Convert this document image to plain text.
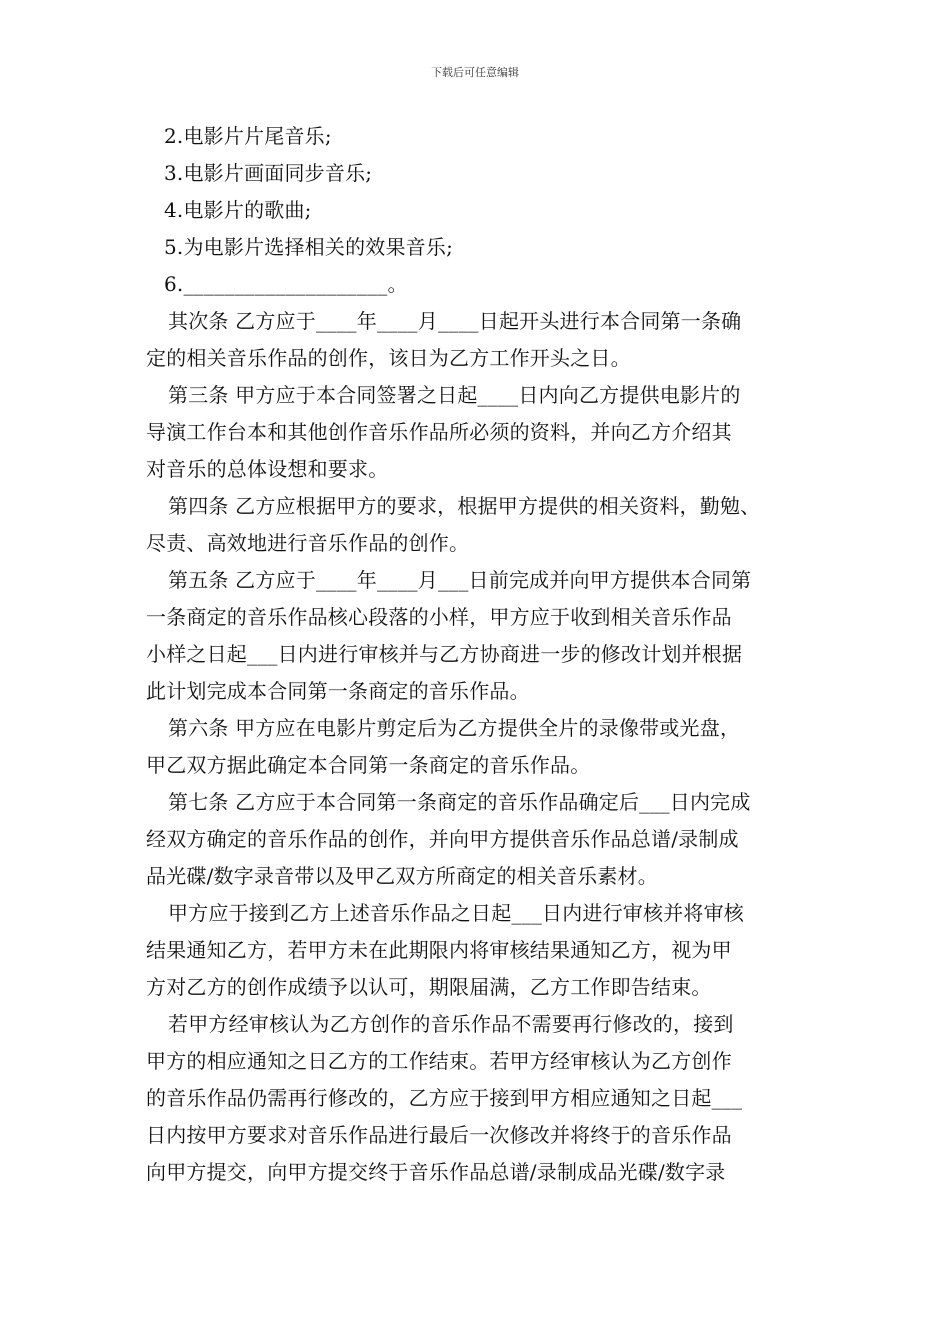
下载后可任意编辑
2.电影片片尾音乐;
3.电影片画面同步音乐;
4.电影片的歌曲;
5.为电影片选择相关的效果音乐;
6.____________________。
其次条 乙方应于____年____月____日起开头进行本合同第一条确
定的相关音乐作品的创作，该日为乙方工作开头之日。
第三条 甲方应于本合同签署之日起____日内向乙方提供电影片的
导演工作台本和其他创作音乐作品所必须的资料，并向乙方介绍其
对音乐的总体设想和要求。
第四条 乙方应根据甲方的要求，根据甲方提供的相关资料，勤勉、
尽责、高效地进行音乐作品的创作。
第五条 乙方应于____年____月___日前完成并向甲方提供本合同第
一条商定的音乐作品核心段落的小样，甲方应于收到相关音乐作品
小样之日起___日内进行审核并与乙方协商进一步的修改计划并根据
此计划完成本合同第一条商定的音乐作品。
第六条 甲方应在电影片剪定后为乙方提供全片的录像带或光盘，
甲乙双方据此确定本合同第一条商定的音乐作品。
第七条 乙方应于本合同第一条商定的音乐作品确定后___日内完成
经双方确定的音乐作品的创作，并向甲方提供音乐作品总谱/录制成
品光碟/数字录音带以及甲乙双方所商定的相关音乐素材。
甲方应于接到乙方上述音乐作品之日起___日内进行审核并将审核
结果通知乙方，若甲方未在此期限内将审核结果通知乙方，视为甲
方对乙方的创作成绩予以认可，期限届满，乙方工作即告结束。
若甲方经审核认为乙方创作的音乐作品不需要再行修改的，接到
甲方的相应通知之日乙方的工作结束。若甲方经审核认为乙方创作
的音乐作品仍需再行修改的，乙方应于接到甲方相应通知之日起___
日内按甲方要求对音乐作品进行最后一次修改并将终于的音乐作品
向甲方提交，向甲方提交终于音乐作品总谱/录制成品光碟/数字录
